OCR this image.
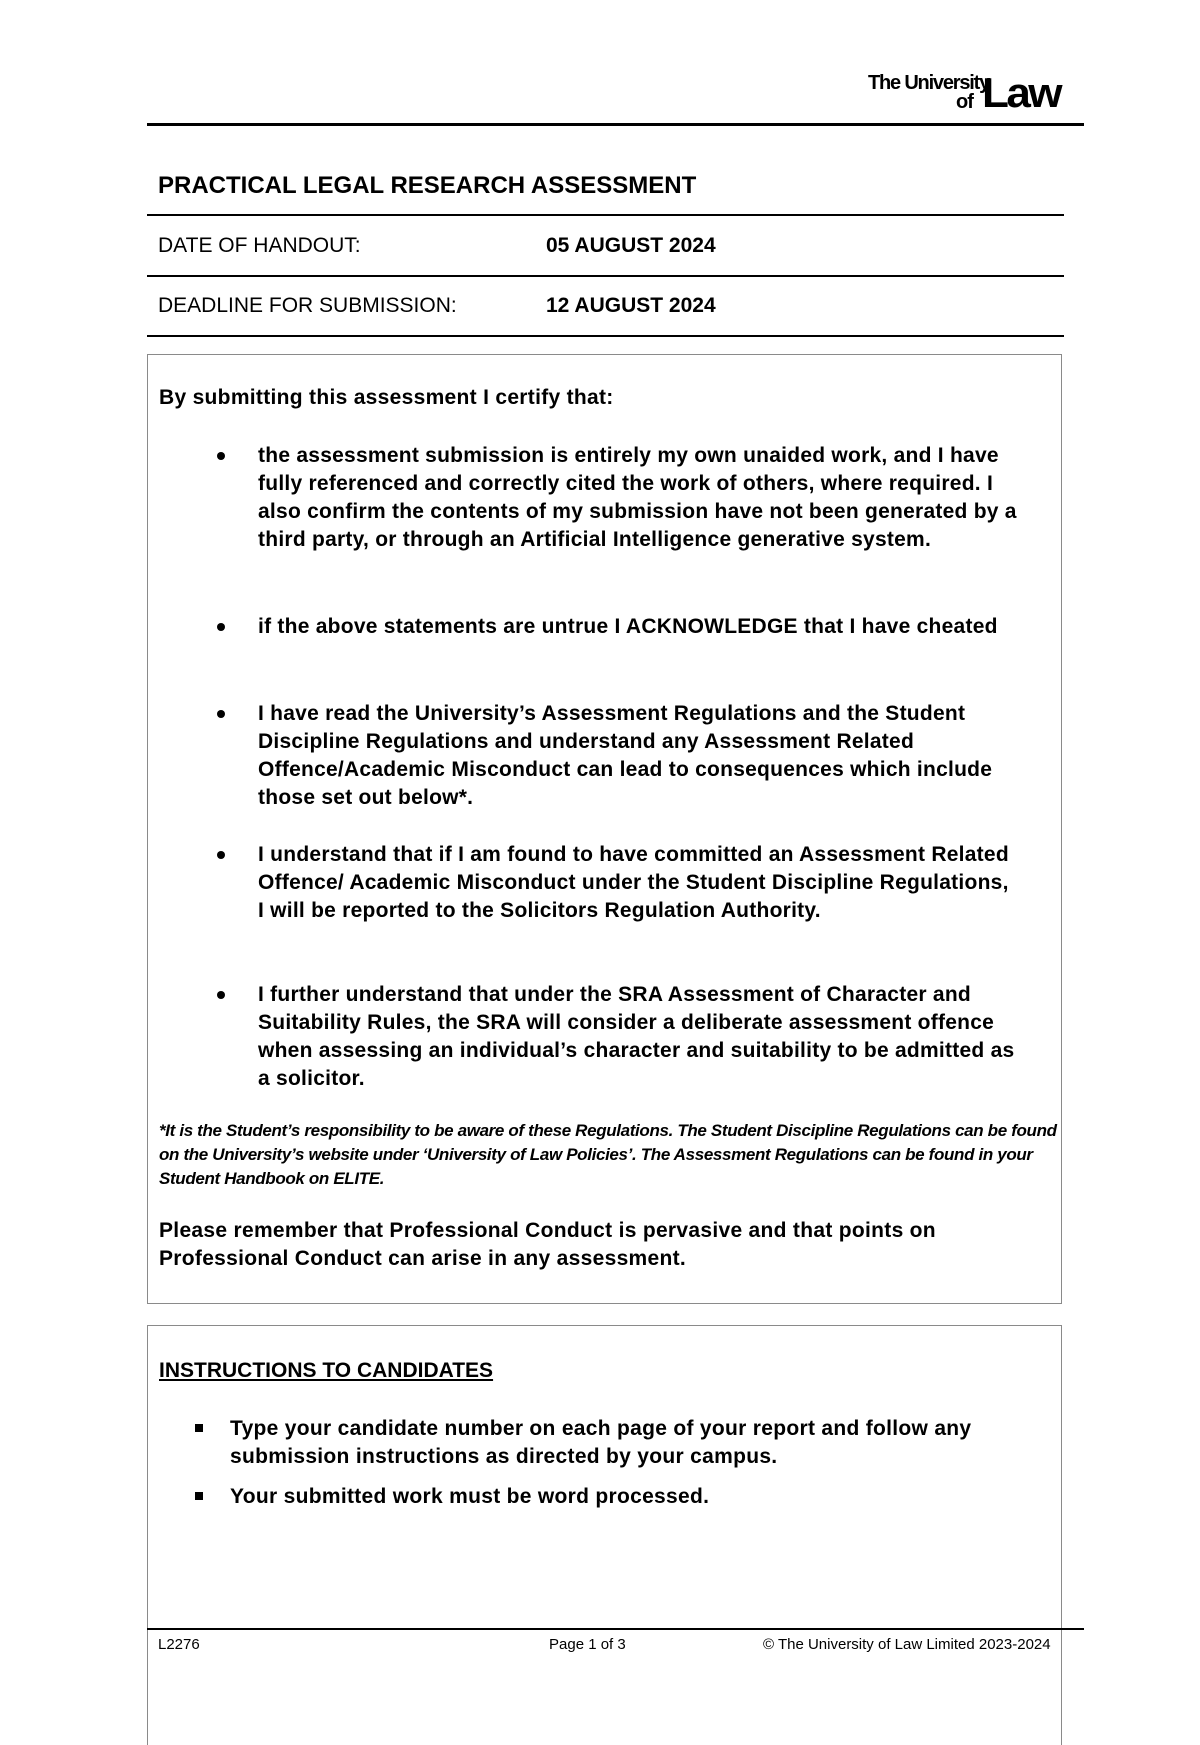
The University
of Law
PRACTICAL LEGAL RESEARCH ASSESSMENT
DATE OF HANDOUT:	05 AUGUST 2024
DEADLINE FOR SUBMISSION:	12 AUGUST 2024
By submitting this assessment I certify that:
the assessment submission is entirely my own unaided work, and I have fully referenced and correctly cited the work of others, where required. I also confirm the contents of my submission have not been generated by a third party, or through an Artificial Intelligence generative system.
if the above statements are untrue I ACKNOWLEDGE that I have cheated
I have read the University’s Assessment Regulations and the Student Discipline Regulations and understand any Assessment Related Offence/Academic Misconduct can lead to consequences which include those set out below*.
I understand that if I am found to have committed an Assessment Related Offence/ Academic Misconduct under the Student Discipline Regulations, I will be reported to the Solicitors Regulation Authority.
I further understand that under the SRA Assessment of Character and Suitability Rules, the SRA will consider a deliberate assessment offence when assessing an individual’s character and suitability to be admitted as a solicitor.
*It is the Student’s responsibility to be aware of these Regulations. The Student Discipline Regulations can be found on the University’s website under ‘University of Law Policies’. The Assessment Regulations can be found in your Student Handbook on ELITE.
Please remember that Professional Conduct is pervasive and that points on Professional Conduct can arise in any assessment.
INSTRUCTIONS TO CANDIDATES
Type your candidate number on each page of your report and follow any submission instructions as directed by your campus.
Your submitted work must be word processed.
L2276	Page 1 of 3	© The University of Law Limited 2023-2024
